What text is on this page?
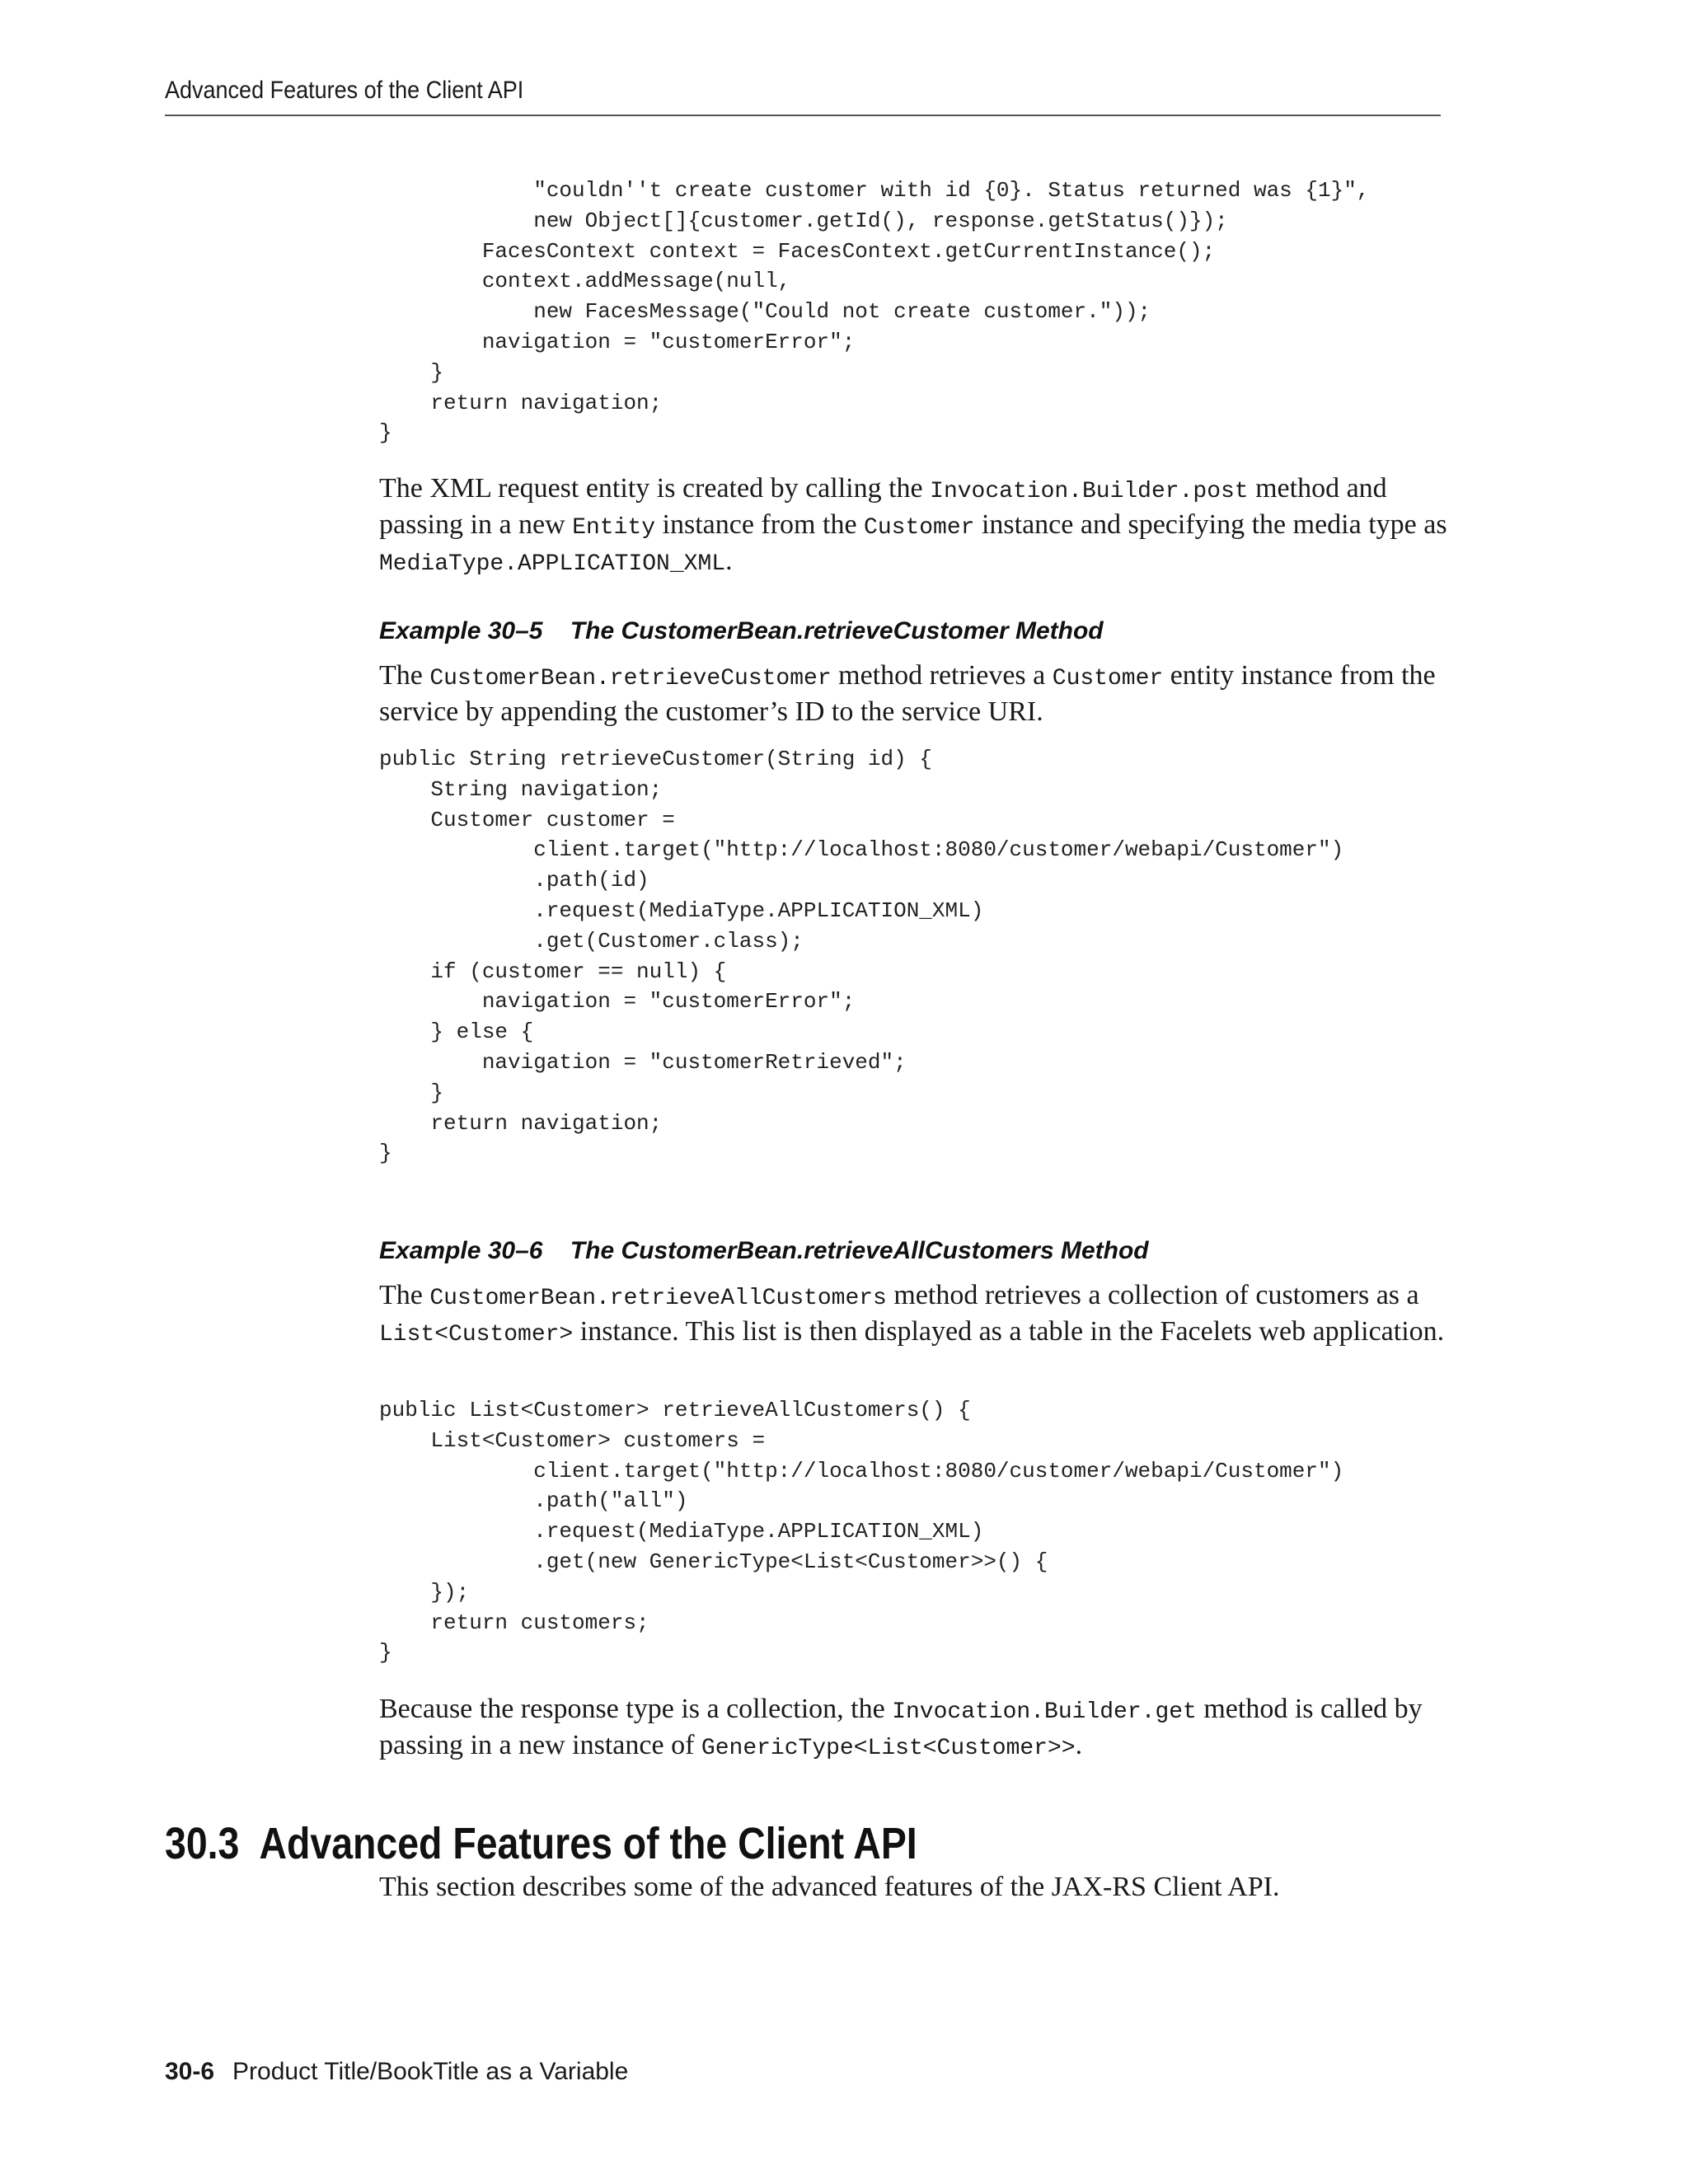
Advanced Features of the Client API
"couldn''t create customer with id {0}. Status returned was {1}",
new Object[]{customer.getId(), response.getStatus()});
FacesContext context = FacesContext.getCurrentInstance();
context.addMessage(null,
new FacesMessage("Could not create customer."));
navigation = "customerError";
}
return navigation;
}

The XML request entity is created by calling the Invocation.Builder.post method and passing in a new Entity instance from the Customer instance and specifying the media type as MediaType.APPLICATION_XML.

Example 30–5    The CustomerBean.retrieveCustomer Method

The CustomerBean.retrieveCustomer method retrieves a Customer entity instance from the service by appending the customer’s ID to the service URI.

public String retrieveCustomer(String id) {
String navigation;
Customer customer =
client.target("http://localhost:8080/customer/webapi/Customer")
.path(id)
.request(MediaType.APPLICATION_XML)
.get(Customer.class);
if (customer == null) {
navigation = "customerError";
} else {
navigation = "customerRetrieved";
}
return navigation;
}
Example 30–6    The CustomerBean.retrieveAllCustomers Method

The CustomerBean.retrieveAllCustomers method retrieves a collection of customers as a List<Customer> instance. This list is then displayed as a table in the Facelets web application.

public List<Customer> retrieveAllCustomers() {
List<Customer> customers =
client.target("http://localhost:8080/customer/webapi/Customer")
.path("all")
.request(MediaType.APPLICATION_XML)
.get(new GenericType<List<Customer>>() {
});
return customers;
}

Because the response type is a collection, the Invocation.Builder.get method is called by passing in a new instance of GenericType<List<Customer>>.

30.3  Advanced Features of the Client API

This section describes some of the advanced features of the JAX-RS Client API.

30-6 Product Title/BookTitle as a Variable
